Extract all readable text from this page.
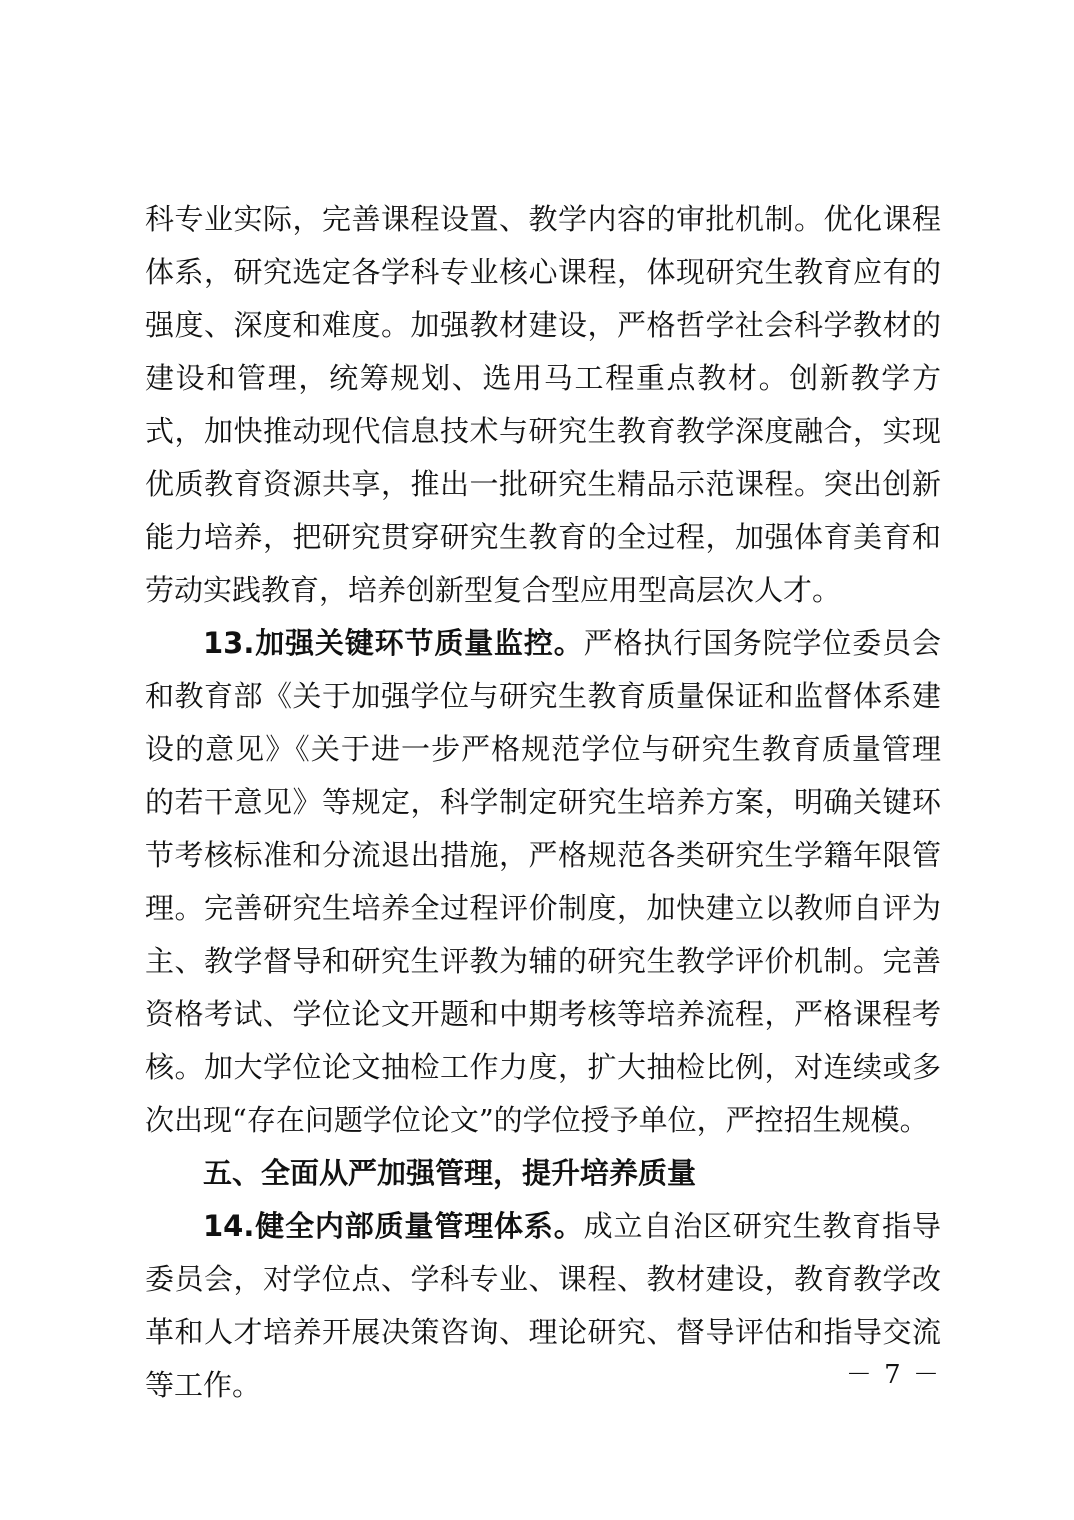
科专业实际，完善课程设置、教学内容的审批机制。优化课程体系，研究选定各学科专业核心课程，体现研究生教育应有的强度、深度和难度。加强教材建设，严格哲学社会科学教材的建设和管理，统筹规划、选用马工程重点教材。创新教学方式，加快推动现代信息技术与研究生教育教学深度融合，实现优质教育资源共享，推出一批研究生精品示范课程。突出创新能力培养，把研究贯穿研究生教育的全过程，加强体育美育和劳动实践教育，培养创新型复合型应用型高层次人才。

13.加强关键环节质量监控。严格执行国务院学位委员会和教育部《关于加强学位与研究生教育质量保证和监督体系建设的意见》《关于进一步严格规范学位与研究生教育质量管理的若干意见》等规定，科学制定研究生培养方案，明确关键环节考核标准和分流退出措施，严格规范各类研究生学籍年限管理。完善研究生培养全过程评价制度，加快建立以教师自评为主、教学督导和研究生评教为辅的研究生教学评价机制。完善资格考试、学位论文开题和中期考核等培养流程，严格课程考核。加大学位论文抽检工作力度，扩大抽检比例，对连续或多次出现“存在问题学位论文”的学位授予单位，严控招生规模。

五、全面从严加强管理，提升培养质量

14.健全内部质量管理体系。成立自治区研究生教育指导委员会，对学位点、学科专业、课程、教材建设，教育教学改革和人才培养开展决策咨询、理论研究、督导评估和指导交流等工作。	－ 7 －
